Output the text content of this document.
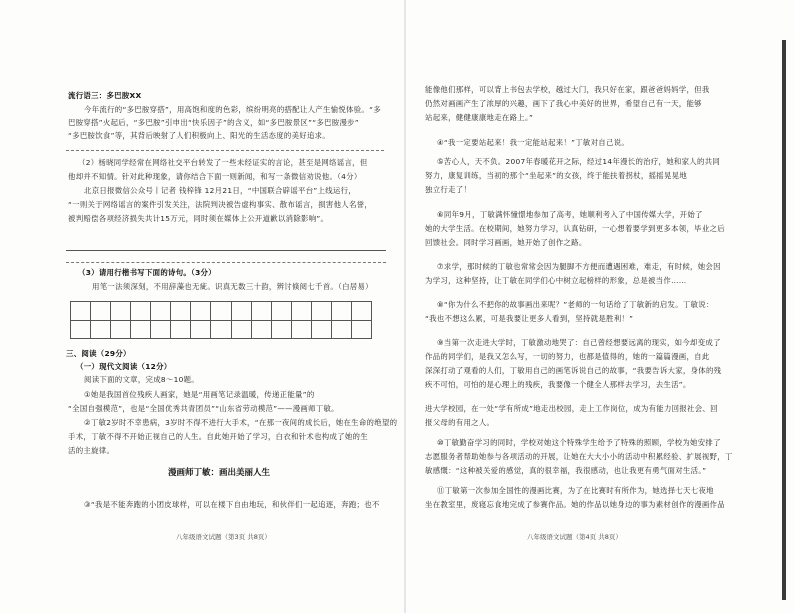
流行语三：多巴胺XX
今年流行的“多巴胺穿搭”，用高饱和度的色彩，缤纷明亮的搭配让人产生愉悦体验。“多
巴胺穿搭”火起后，“多巴胺”引申出“快乐因子”的含义，如“多巴胺景区”“多巴胺漫步”
“多巴胺饮食”等，其背后映射了人们积极向上、阳光的生活态度的美好追求。
（2）杨晓同学经常在网络社交平台转发了一些未经证实的言论，甚至是网络谣言，但
他却并不知情。针对此种现象，请你结合下面一则新闻，和写一条微信劝说他。（4分）
北京日报微信公众号丨记者 钱梓锋 12月21日，“中国联合辟谣平台”上线运行，
“一则关于网络谣言的案件引发关注，法院判决被告虚构事实、散布谣言，损害他人名誉，
被判赔偿各项经济损失共计15万元，同时须在媒体上公开道歉以消除影响”。
（3）请用行楷书写下面的诗句。（3分）
用笔一法须深刻，不用辞藻也无疵。识真无数三十韵，辨讨倏阅七千首。（白居易）

三、阅读（29分）
（一）现代文阅读（12分）
阅读下面的文章，完成8～10题。
漫画师丁敏：画出美丽人生
①她是我国首位残疾人画家，她是“用画笔记录温暖，传递正能量”的
“全国自强模范”，也是“全国优秀共青团员”“山东省劳动模范”——漫画师丁敏。
②丁敏2岁时不幸患病，3岁时不得不进行大手术，“在那一夜间的成长后，她在生命的绝望的
手术，丁敏不得不开始正视自己的人生。自此她开始了学习，白衣和针术也构成了她的生
活的主旋律。
③“我是不能奔跑的小团皮球样，可以在楼下自由地玩，和伙伴们一起追逐，奔跑；也不
八年级语文试题（第3页 共8页）
能像他们那样，可以背上书包去学校，越过大门，我只好在家，跟爸爸妈妈学，但我
仍然对画画产生了浓厚的兴趣，画下了我心中美好的世界，希望自己有一天，能够
站起来，健健康康地走在路上。”
④“我一定要站起来！我一定能站起来！”丁敏对自己说。
⑤苦心人，天不负。2007年春暖花开之际，经过14年漫长的治疗，她和家人的共同
努力，康复训练，当初的那个“坐起来”的女孩，终于能扶着拐杖，摇摇晃晃地
独立行走了！
⑥同年9月，丁敏满怀憧憬地参加了高考，她顺利考入了中国传媒大学，开始了
她的大学生活。在校期间，她努力学习，认真钻研，一心想着要学到更多本领，毕业之后
回馈社会。同时学习画画，她开始了创作之路。
⑦求学，那时候的丁敏也常常会因为腿脚不方便而遭遇困难，难走，有时候，她会因
为学习，这种坚持，让丁敏在同学们心中树立起榜样的形象，总是被当作……
⑧“你为什么不把你的故事画出来呢？”老师的一句话给了丁敏新的启发。丁敏说：
“我也不想这么累，可是我要让更多人看到，坚持就是胜利！”
⑨当第一次走进大学时，丁敏激动地哭了：自己曾经想要远离的现实，如今却变成了
作品的同学们，是我又怎么写，一切的努力，也都是值得的，她的一篇篇漫画，自此
深深打动了观看的人们，丁敏用自己的画笔诉说自己的故事，“我要告诉大家，身体的残
疾不可怕，可怕的是心理上的残疾，我要像一个健全人那样去学习，去生活”。
进大学校园，在一处“学有所成”地走出校园，走上工作岗位，成为有能力回报社会、回
报父母的有用之人。
⑩丁敏勤奋学习的同时，学校对她这个特殊学生给予了特殊的照顾，学校为她安排了
志愿服务者帮助她参与各项活动的开展，让她在大大小小的活动中积累经验、扩展视野，丁
敏感慨：“这种被关爱的感觉，真的很幸福，我很感动，也让我更有勇气面对生活。”
⑪丁敏第一次参加全国性的漫画比赛，为了在比赛时有所作为，她选择七天七夜地
坐在教室里，废寝忘食地完成了参赛作品。她的作品以她身边的事为素材创作的漫画作品
八年级语文试题（第4页 共8页）
